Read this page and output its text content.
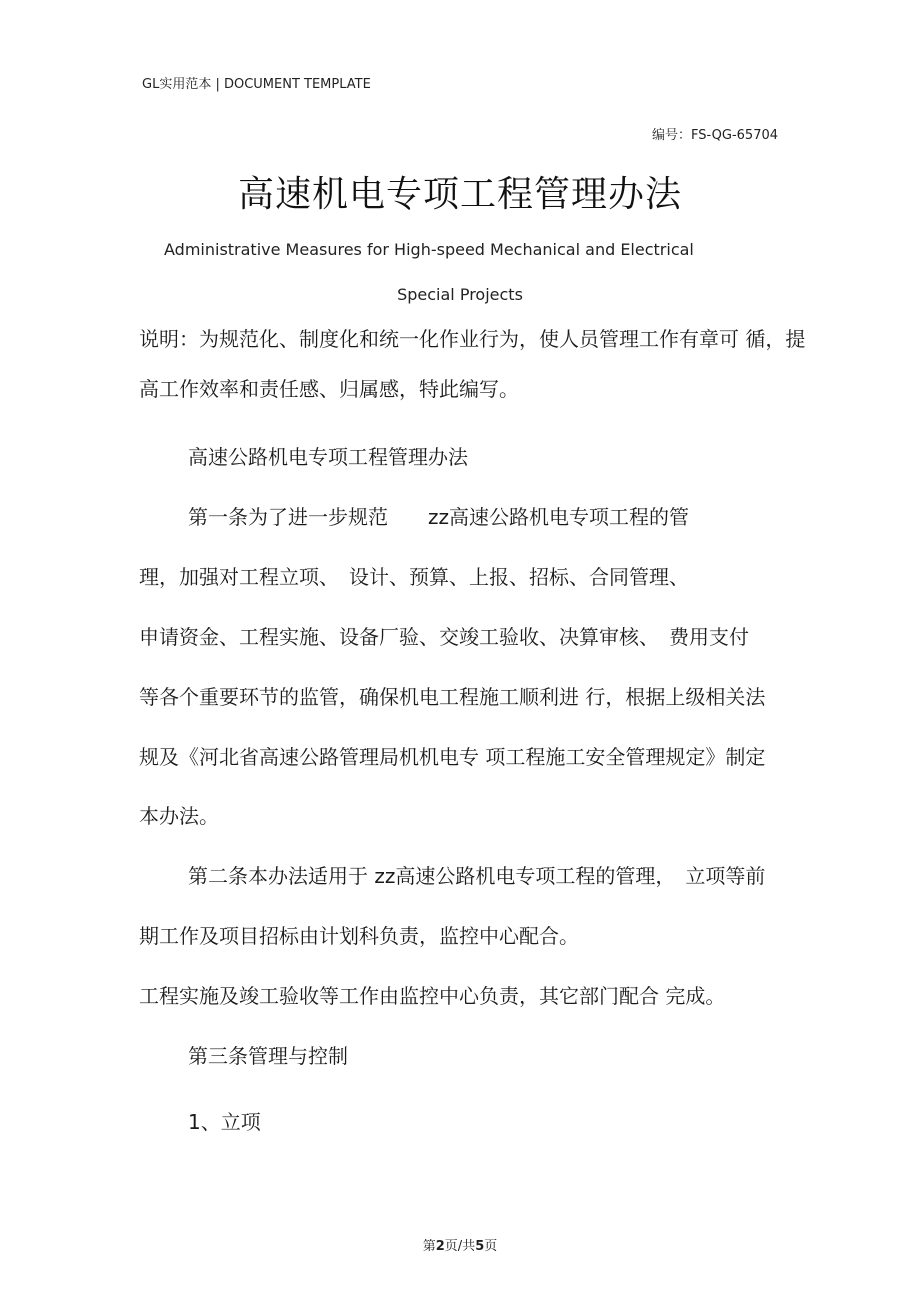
GL实用范本 | DOCUMENT TEMPLATE
编号：FS-QG-65704
高速机电专项工程管理办法
Administrative Measures for High-speed Mechanical and Electrical
Special Projects
说明：为规范化、制度化和统一化作业行为，使人员管理工作有章可 循，提
高工作效率和责任感、归属感，特此编写。
高速公路机电专项工程管理办法
第一条为了进一步规范　　zz高速公路机电专项工程的管
理，加强对工程立项、　设计、预算、上报、招标、合同管理、
申请资金、工程实施、设备厂验、交竣工验收、决算审核、　费用支付
等各个重要环节的监管，确保机电工程施工顺利进 行，根据上级相关法
规及《河北省高速公路管理局机机电专 项工程施工安全管理规定》制定
本办法。
第二条本办法适用于 zz高速公路机电专项工程的管理，　立项等前
期工作及项目招标由计划科负责，监控中心配合。
工程实施及竣工验收等工作由监控中心负责，其它部门配合 完成。
第三条管理与控制
1、立项
第2页/共5页
